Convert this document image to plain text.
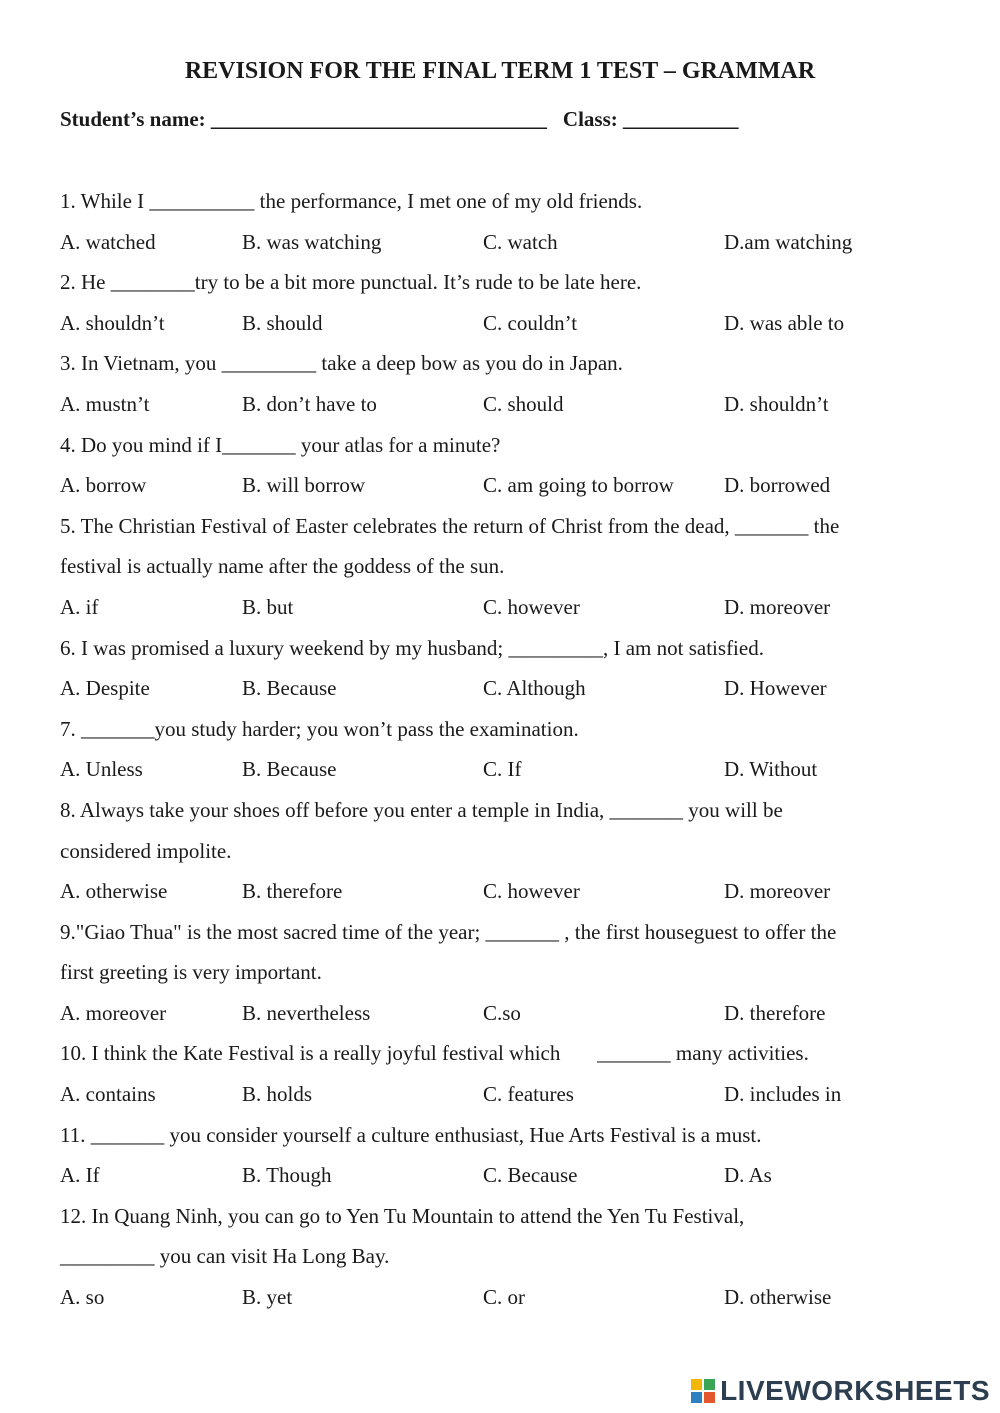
REVISION FOR THE FINAL TERM 1 TEST – GRAMMAR
Student’s name: ________________________________ Class: ___________

1. While I __________ the performance, I met one of my old friends.

A. watched	B. was watching	C. watch	D.am watching

2. He ________try to be a bit more punctual. It’s rude to be late here.

A. shouldn’t	B. should	C. couldn’t	D. was able to

3. In Vietnam, you _________ take a deep bow as you do in Japan.

A. mustn’t	B. don’t have to	C. should	D. shouldn’t

4. Do you mind if I_______ your atlas for a minute?

A. borrow	B. will borrow	C. am going to borrow	D. borrowed

5. The Christian Festival of Easter celebrates the return of Christ from the dead, _______ the
festival is actually name after the goddess of the sun.

A. if	B. but	C. however	D. moreover

6. I was promised a luxury weekend by my husband; _________, I am not satisfied.

A. Despite	B. Because	C. Although	D. However

7. _______you study harder; you won’t pass the examination.

A. Unless	B. Because	C. If	D. Without

8. Always take your shoes off before you enter a temple in India, _______ you will be
considered impolite.

A. otherwise	B. therefore	C. however	D. moreover

9."Giao Thua" is the most sacred time of the year; _______ , the first houseguest to offer the
first greeting is very important.

A. moreover	B. nevertheless	C.so	D. therefore

10. I think the Kate Festival is a really joyful festival which       _______ many activities.

A. contains	B. holds	C. features	D. includes in

11. _______ you consider yourself a culture enthusiast, Hue Arts Festival is a must.

A. If	B. Though	C. Because	D. As

12. In Quang Ninh, you can go to Yen Tu Mountain to attend the Yen Tu Festival,
_________ you can visit Ha Long Bay.

A. so	B. yet	C. or	D. otherwise
LIVEWORKSHEETS
